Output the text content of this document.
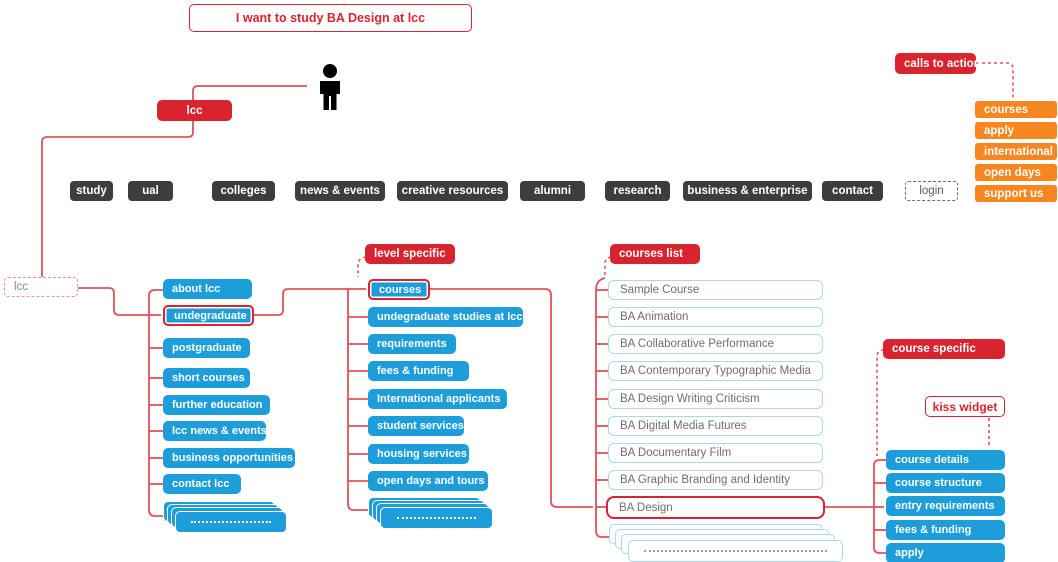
I want to study BA Design at lcc
lcc
calls to action
courses
apply
international
open days
support us
study	ual	colleges	news & events creative resources	alumni	research business & enterprise contact	login
lcc	about lcc
undegraduate
postgraduate
short courses
further education
lcc news & events
business opportunities
contact lcc
level specific
courses
undegraduate studies at lcc
requirements
fees & funding
International applicants
student services
housing services
open days and tours
courses list
Sample Course
BA Animation
BA Collaborative Performance
BA Contemporary Typographic Media
BA Design Writing Criticism
BA Digital Media Futures
BA Documentary Film
BA Graphic Branding and Identity
BA Design
course specific
kiss widget
course details
course structure
entry requirements
fees & funding
apply
